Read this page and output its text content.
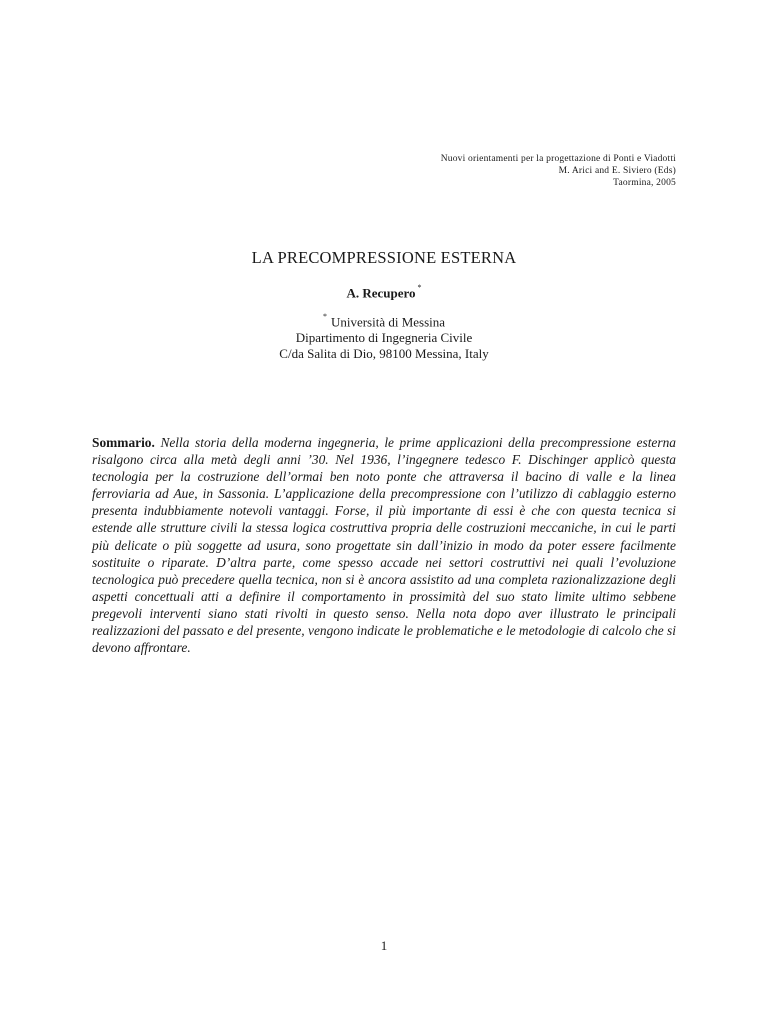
Nuovi orientamenti per la progettazione di Ponti e Viadotti
M. Arici and E. Siviero (Eds)
Taormina, 2005
LA PRECOMPRESSIONE ESTERNA
A. Recupero *
* Università di Messina
Dipartimento di Ingegneria Civile
C/da Salita di Dio, 98100 Messina, Italy

Sommario. Nella storia della moderna ingegneria, le prime applicazioni della precompressione esterna risalgono circa alla metà degli anni ’30. Nel 1936, l’ingegnere tedesco F. Dischinger applicò questa tecnologia per la costruzione dell’ormai ben noto ponte che attraversa il bacino di valle e la linea ferroviaria ad Aue, in Sassonia. L’applicazione della precompressione con l’utilizzo di cablaggio esterno presenta indubbiamente notevoli vantaggi. Forse, il più importante di essi è che con questa tecnica si estende alle strutture civili la stessa logica costruttiva propria delle costruzioni meccaniche, in cui le parti più delicate o più soggette ad usura, sono progettate sin dall’inizio in modo da poter essere facilmente sostituite o riparate. D’altra parte, come spesso accade nei settori costruttivi nei quali l’evoluzione tecnologica può precedere quella tecnica, non si è ancora assistito ad una completa razionalizzazione degli aspetti concettuali atti a definire il comportamento in prossimità del suo stato limite ultimo sebbene pregevoli interventi siano stati rivolti in questo senso. Nella nota dopo aver illustrato le principali realizzazioni del passato e del presente, vengono indicate le problematiche e le metodologie di calcolo che si devono affrontare.

1
